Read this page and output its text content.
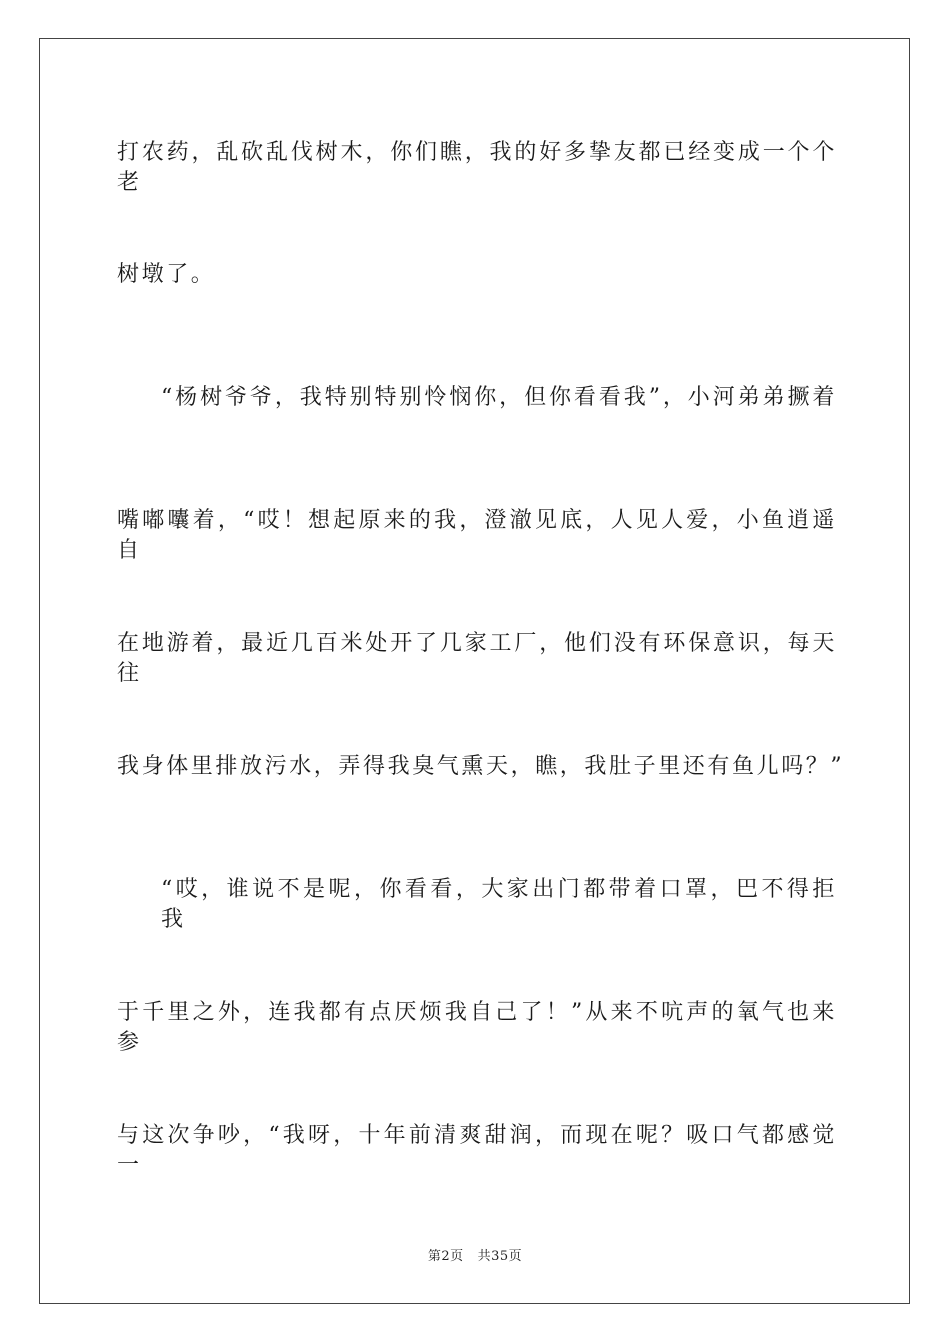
打农药，乱砍乱伐树木，你们瞧，我的好多挚友都已经变成一个个老
树墩了。
“杨树爷爷，我特别特别怜悯你，但你看看我”，小河弟弟撅着
嘴嘟囔着，“哎！想起原来的我，澄澈见底，人见人爱，小鱼逍遥自
在地游着，最近几百米处开了几家工厂，他们没有环保意识，每天往
我身体里排放污水，弄得我臭气熏天，瞧，我肚子里还有鱼儿吗？”
“哎，谁说不是呢，你看看，大家出门都带着口罩，巴不得拒我
于千里之外，连我都有点厌烦我自己了！”从来不吭声的氧气也来参
与这次争吵，“我呀，十年前清爽甜润，而现在呢？吸口气都感觉一
第2页 共35页
